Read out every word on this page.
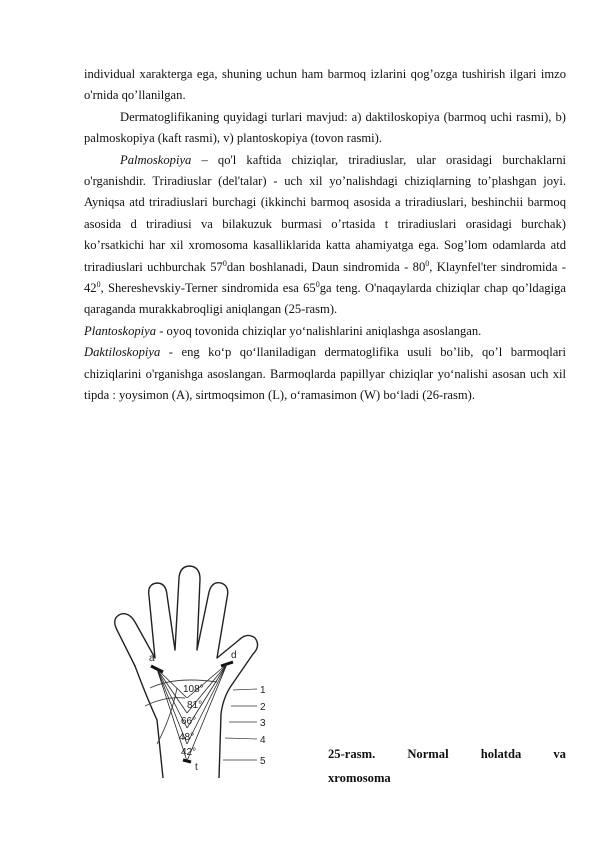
individual xarakterga ega, shuning uchun ham barmoq izlarini qog’ozga tushirish ilgari imzo o'rnida qo’llanilgan.

Dermatoglifikaning quyidagi turlari mavjud: a) daktiloskopiya (barmoq uchi rasmi), b) palmoskopiya (kaft rasmi), v) plantoskopiya (tovon rasmi).

Palmoskopiya – qo'l kaftida chiziqlar, triradiuslar, ular orasidagi burchaklarni o'rganishdir. Triradiuslar (del'talar) - uch xil yo’nalishdagi chiziqlarning to’plashgan joyi. Ayniqsa atd triradiuslari burchagi (ikkinchi barmoq asosida a triradiuslari, beshinchii barmoq asosida d triradiusi va bilakuzuk burmasi o’rtasida t triradiuslari orasidagi burchak) ko’rsatkichi har xil xromosoma kasalliklarida katta ahamiyatga ega. Sog’lom odamlarda atd triradiuslari uchburchak $57^0dan$ boshlanadi, Daun sindromida - $80^0$, Klaynfel'ter sindromida - $42^0$, Shereshevskiy-Terner sindromida esa $65^0ga$ teng. O'naqaylarda chiziqlar chap qo’ldagiga qaraganda murakkabroqligi aniqlangan (25-rasm).

Plantoskopiya - oyoq tovonida chiziqlar yo‘nalishlarini aniqlashga asoslangan.

Daktiloskopiya - eng ko‘p qo‘llaniladigan dermatoglifika usuli bo’lib, qo’l barmoqlari chiziqlarini o'rganishga asoslangan. Barmoqlarda papillyar chiziqlar yo‘nalishi asosan uch xil tipda : yoysimon (A), sirtmoqsimon (L), o‘ramasimon (W) bo‘ladi (26-rasm).

a	d
t
108°
81°
66°
48°
42°
1
2
3
4
5
25-rasm.	Normal	holatda	va
xromosoma
